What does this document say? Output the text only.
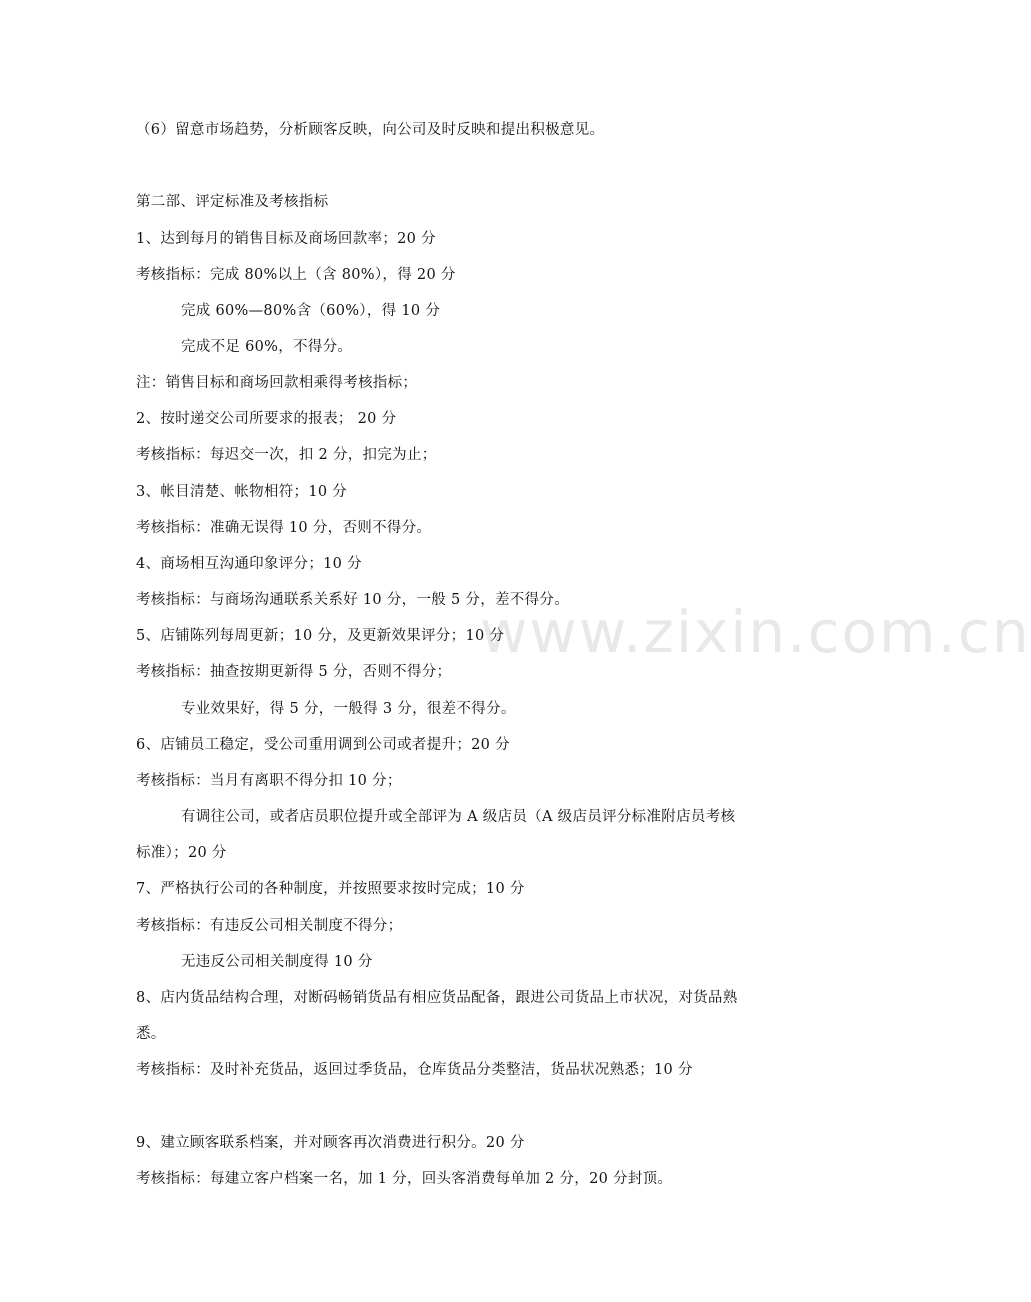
www.zixin.com.cn
（6）留意市场趋势，分析顾客反映，向公司及时反映和提出积极意见。
第二部、评定标准及考核指标
1、达到每月的销售目标及商场回款率；20 分
考核指标：完成 80%以上（含 80%），得 20 分
完成 60%—80%含（60%），得 10 分
完成不足 60%，不得分。
注：销售目标和商场回款相乘得考核指标；
2、按时递交公司所要求的报表； 20 分
考核指标：每迟交一次，扣 2 分，扣完为止；
3、帐目清楚、帐物相符；10 分
考核指标：准确无误得 10 分，否则不得分。
4、商场相互沟通印象评分；10 分
考核指标：与商场沟通联系关系好 10 分，一般 5 分，差不得分。
5、店铺陈列每周更新；10 分，及更新效果评分；10 分
考核指标：抽查按期更新得 5 分，否则不得分；
专业效果好，得 5 分，一般得 3 分，很差不得分。
6、店铺员工稳定，受公司重用调到公司或者提升；20 分
考核指标：当月有离职不得分扣 10 分；
有调往公司，或者店员职位提升或全部评为 A 级店员（A 级店员评分标准附店员考核
标准）；20 分
7、严格执行公司的各种制度，并按照要求按时完成；10 分
考核指标：有违反公司相关制度不得分；
无违反公司相关制度得 10 分
8、店内货品结构合理，对断码畅销货品有相应货品配备，跟进公司货品上市状况，对货品熟
悉。
考核指标：及时补充货品，返回过季货品，仓库货品分类整洁，货品状况熟悉；10 分
9、建立顾客联系档案，并对顾客再次消费进行积分。20 分
考核指标：每建立客户档案一名，加 1 分，回头客消费每单加 2 分，20 分封顶。
